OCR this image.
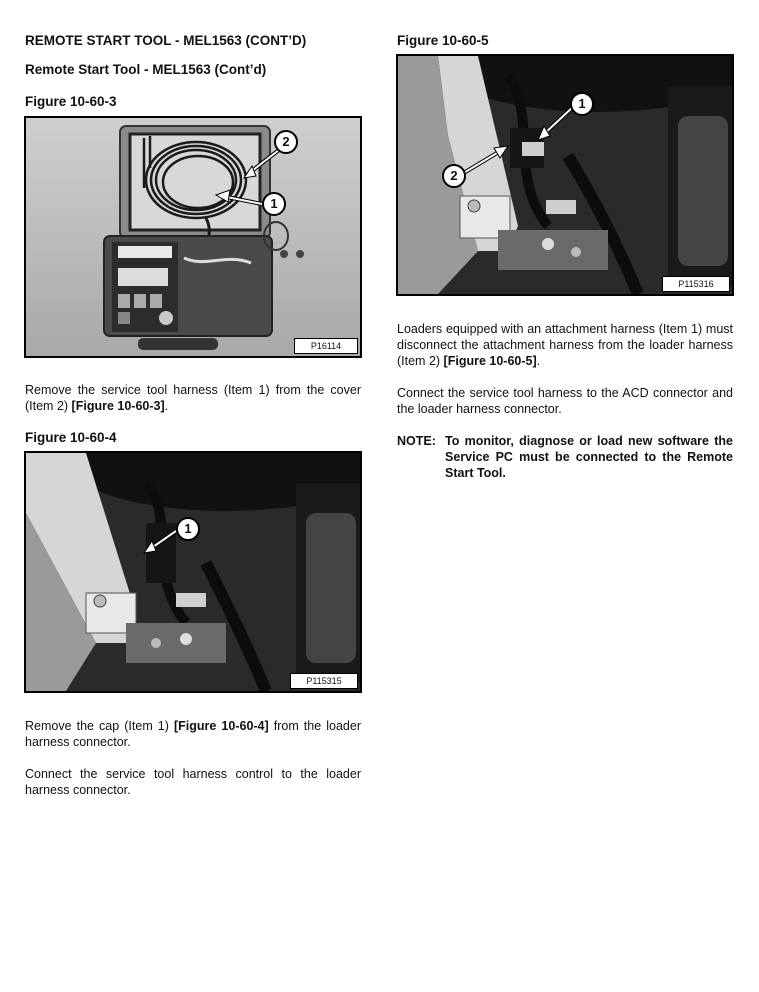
REMOTE START TOOL - MEL1563 (CONT’D)
Remote Start Tool - MEL1563 (Cont’d)
Figure 10-60-3
2
1
P16114
Remove the service tool harness (Item 1) from the cover (Item 2) [Figure 10-60-3].
Figure 10-60-4
1
P115315
Remove the cap (Item 1) [Figure 10-60-4] from the loader harness connector.
Connect the service tool harness control to the loader harness connector.
Figure 10-60-5
1
2
P115316
Loaders equipped with an attachment harness (Item 1) must disconnect the attachment harness from the loader harness (Item 2) [Figure 10-60-5].
Connect the service tool harness to the ACD connector and the loader harness connector.
NOTE: To monitor, diagnose or load new software the Service PC must be connected to the Remote Start Tool.
